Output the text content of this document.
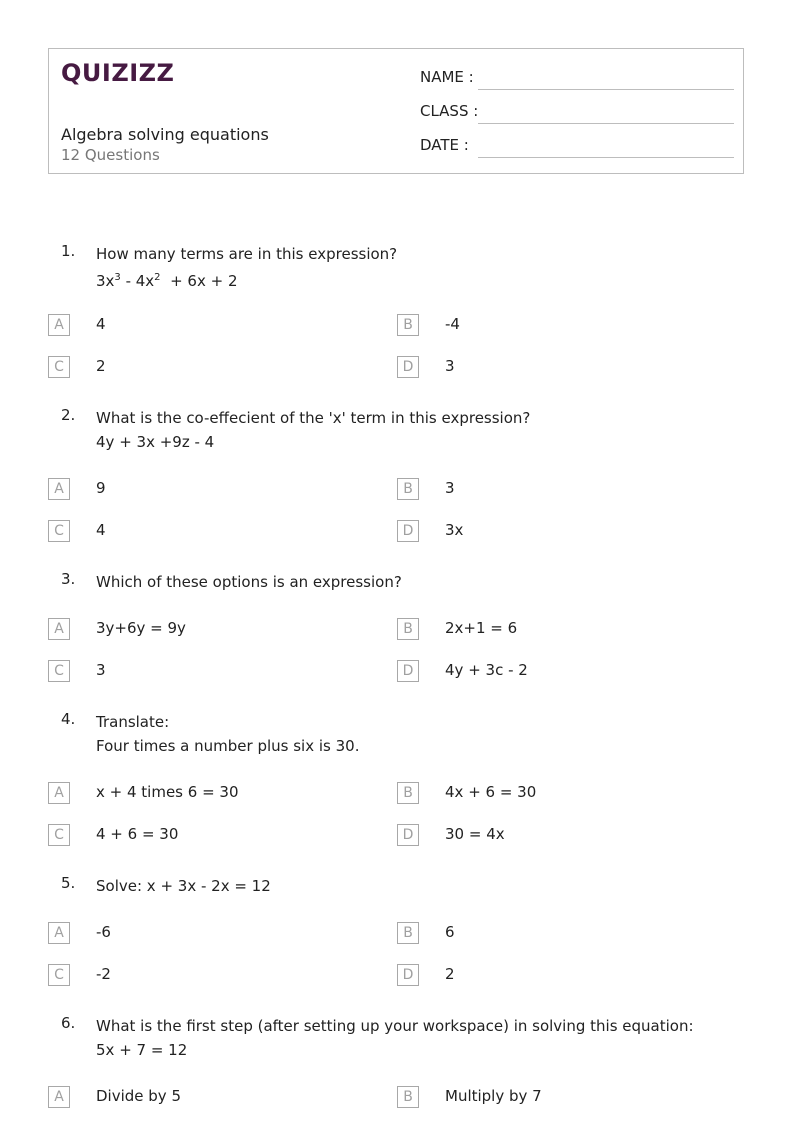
QUIZIZZ
Algebra solving equations
12 Questions
NAME :
CLASS :
DATE :
1. How many terms are in this expression?
$3x^3 - 4x^2 + 6x + 2$
A	4	B	-4
C	2	D	3
2. What is the co-effecient of the 'x' term in this expression?
4y + 3x +9z - 4
A	9	B	3
C	4	D	3x
3. Which of these options is an expression?
A	3y+6y = 9y	B	2x+1 = 6
C	3	D	4y + 3c - 2
4. Translate:
Four times a number plus six is 30.
A	x + 4 times 6 = 30	B	4x + 6 = 30
C	4 + 6 = 30	D	30 = 4x
5. Solve: x + 3x - 2x = 12
A	-6	B	6
C	-2	D	2
6. What is the first step (after setting up your workspace) in solving this equation:
5x + 7 = 12
A	Divide by 5	B	Multiply by 7
